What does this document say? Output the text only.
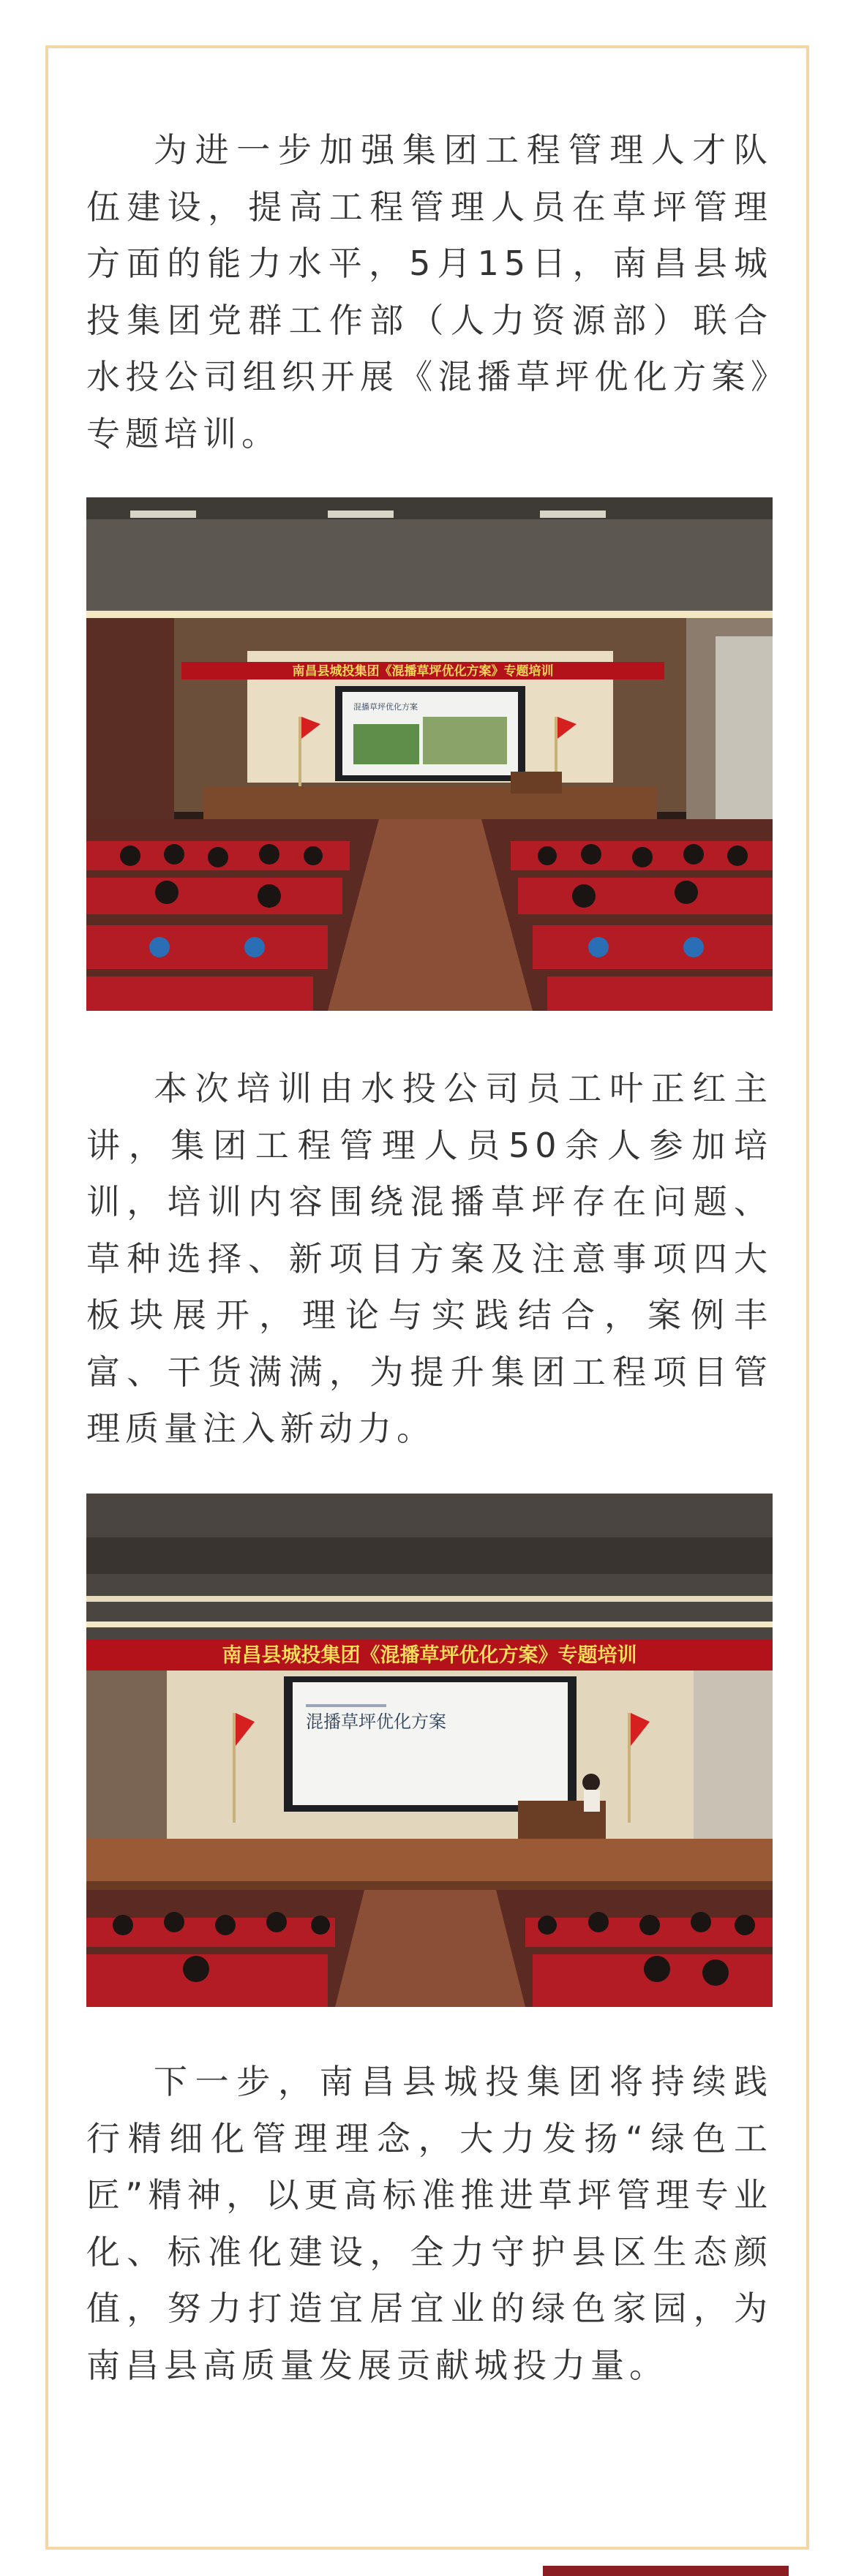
为进一步加强集团工程管理人才队伍建设，提高工程管理人员在草坪管理方面的能力水平，5月15日，南昌县城投集团党群工作部（人力资源部）联合水投公司组织开展《混播草坪优化方案》专题培训。

南昌县城投集团《混播草坪优化方案》专题培训
混播草坪优化方案

本次培训由水投公司员工叶正红主讲，集团工程管理人员50余人参加培训，培训内容围绕混播草坪存在问题、草种选择、新项目方案及注意事项四大板块展开，理论与实践结合，案例丰富、干货满满，为提升集团工程项目管理质量注入新动力。

南昌县城投集团《混播草坪优化方案》专题培训
混播草坪优化方案

下一步，南昌县城投集团将持续践行精细化管理理念，大力发扬“绿色工匠”精神，以更高标准推进草坪管理专业化、标准化建设，全力守护县区生态颜值，努力打造宜居宜业的绿色家园，为南昌县高质量发展贡献城投力量。
